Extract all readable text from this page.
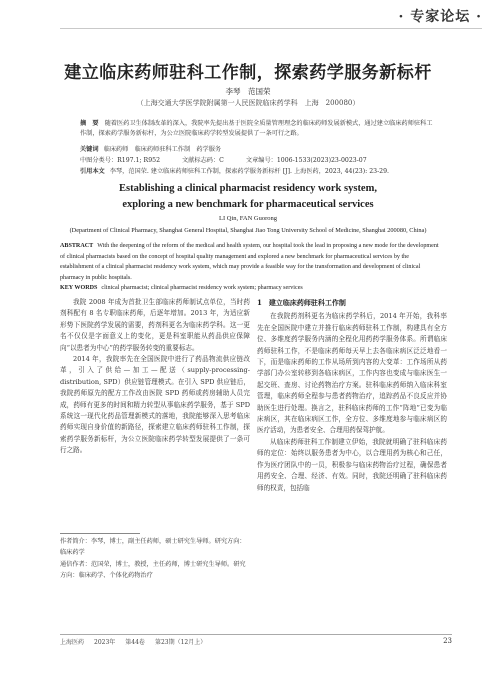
· 专家论坛 ·
建立临床药师驻科工作制，探索药学服务新标杆
李琴　范国荣
（上海交通大学医学院附属第一人民医院临床药学科　上海　200080）
摘　要 随着医药卫生体制改革的深入，我院率先提出基于医院全质量管理理念的临床药师发展新模式，通过建立临床药师驻科工作制，探索药学服务新标杆，为公立医院临床药学转型发展提供了一条可行之路。
关键词 临床药师　临床药师驻科工作制　药学服务
中图分类号：R197.1; R952	文献标志码：C	文章编号：1006-1533(2023)23-0023-07
引用本文 李琴，范国荣. 建立临床药师驻科工作制，探索药学服务新标杆 [J]. 上海医药，2023, 44(23): 23-29.
Establishing a clinical pharmacist residency work system,
exploring a new benchmark for pharmaceutical services
LI Qin, FAN Guorong
(Department of Clinical Pharmacy, Shanghai General Hospital, Shanghai Jiao Tong University School of Medicine, Shanghai 200080, China)
ABSTRACT With the deepening of the reform of the medical and health system, our hospital took the lead in proposing a new mode for the development of clinical pharmacists based on the concept of hospital quality management and explored a new benchmark for pharmaceutical services by the establishment of a clinical pharmacist residency work system, which may provide a feasible way for the transformation and development of clinical pharmacy in public hospitals.
KEY WORDS clinical pharmacist; clinical pharmacist residency work system; pharmacy services

我院 2008 年成为首批卫生部临床药师制试点单位，当时药剂科配有 8 名专职临床药师，后逐年增加。2013 年，为适应新形势下医院药学发展的需要，药剂科更名为临床药学科。这一更名不仅仅是字面意义上的变化，更是科室职能从药品供应保障向“以患者为中心”的药学服务转变的重要标志。

2014 年，我院率先在全国医院中进行了药品物流供应链改革，引入了供给—加工—配送（supply-processing-distribution, SPD）供应链管理模式。在引入 SPD 供应链后，我院药师原先的配方工作改由医院 SPD 药师或药房辅助人员完成，药师有更多的时间和精力转型从事临床药学服务，基于 SPD 系统这一现代化药品管理新模式的落地，我院能够深入思考临床药师实现自身价值的新路径，探索建立临床药师驻科工作制，探索药学服务新标杆，为公立医院临床药学转型发展提供了一条可行之路。

作者简介：李琴，博士，副主任药师，硕士研究生导师。研究方向：临床药学
通信作者：范国荣，博士，教授，主任药师，博士研究生导师。研究方向：临床药学、个体化药物治疗
1　建立临床药师驻科工作制

在我院药剂科更名为临床药学科后，2014 年开始，我科率先在全国医院中建立并推行临床药师驻科工作制，构建具有全方位、多维度药学服务内涵的全程化用药药学服务体系。所谓临床药师驻科工作，不是临床药师每天早上去各临床病区泛泛地看一下，而是临床药师的工作从场所到内容的大变革：工作场所从药学部门办公室转移到各临床病区，工作内容也变成与临床医生一起交班、查房、讨论药物治疗方案。驻科临床药师纳入临床科室管理，临床药师全程参与患者药物治疗，追踪药品不良反应并协助医生进行处理。换言之，驻科临床药师的工作“阵地”已变为临床病区，其在临床病区工作，全方位、多维度地参与临床病区的医疗活动，为患者安全、合理用药保驾护航。

从临床药师驻科工作制建立伊始，我院就明确了驻科临床药师的定位：始终以服务患者为中心，以合理用药为核心和己任，作为医疗团队中的一员，积极参与临床药物治疗过程，确保患者用药安全、合理、经济、有效。同时，我院还明确了驻科临床药师的权责，包括临

上海医药 2023年 第44卷 第23期（12月上）	23
